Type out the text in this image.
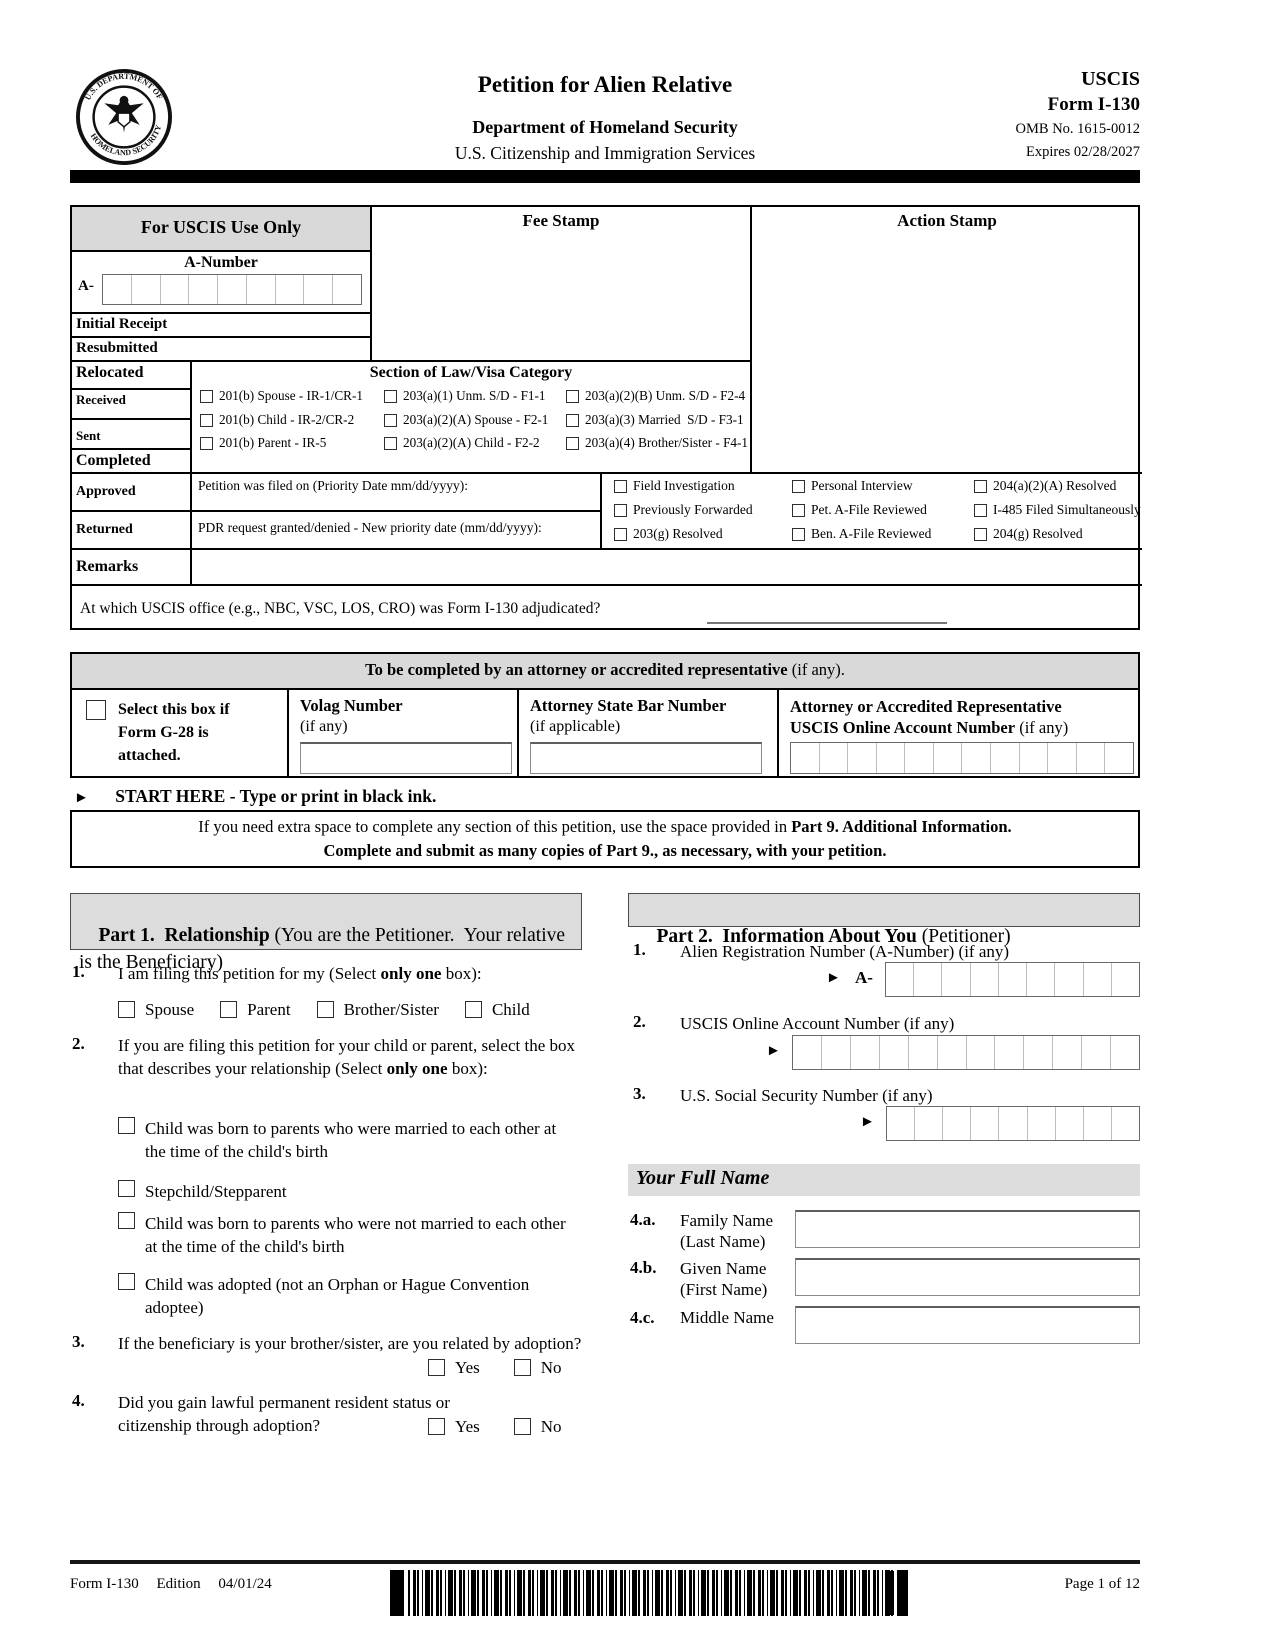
U.S. DEPARTMENT OF
HOMELAND SECURITY
Petition for Alien Relative
Department of Homeland Security
U.S. Citizenship and Immigration Services
USCIS
Form I-130
OMB No. 1615-0012
Expires 02/28/2027
For USCIS Use Only	Fee Stamp	Action Stamp
A-Number
A-
Initial Receipt
Resubmitted
Relocated
Received
Sent
Completed
Section of Law/Visa Category
201(b) Spouse - IR-1/CR-1
201(b) Child - IR-2/CR-2
201(b) Parent - IR-5
203(a)(1) Unm. S/D - F1-1
203(a)(2)(A) Spouse - F2-1
203(a)(2)(A) Child - F2-2
203(a)(2)(B) Unm. S/D - F2-4
203(a)(3) Married  S/D - F3-1
203(a)(4) Brother/Sister - F4-1
Approved	Petition was filed on (Priority Date mm/dd/yyyy):
Returned	PDR request granted/denied - New priority date (mm/dd/yyyy):
Field Investigation
Previously Forwarded
203(g) Resolved
Personal Interview
Pet. A-File Reviewed
Ben. A-File Reviewed
204(a)(2)(A) Resolved
I-485 Filed Simultaneously
204(g) Resolved
Remarks
At which USCIS office (e.g., NBC, VSC, LOS, CRO) was Form I-130 adjudicated?
To be completed by an attorney or accredited representative (if any).
Select this box if Form G-28 is attached.
Volag Number
(if any)
Attorney State Bar Number
(if applicable)
Attorney or Accredited Representative
USCIS Online Account Number (if any)
► START HERE - Type or print in black ink.
If you need extra space to complete any section of this petition, use the space provided in Part 9. Additional Information.
Complete and submit as many copies of Part 9., as necessary, with your petition.

Part 1.  Relationship (You are the Petitioner.  Your relative is the Beneficiary)

1. I am filing this petition for my (Select only one box):
Spouse	Parent	Brother/Sister	Child
2. If you are filing this petition for your child or parent, select the box that describes your relationship (Select only one box):
Child was born to parents who were married to each other at the time of the child's birth
Stepchild/Stepparent
Child was born to parents who were not married to each other at the time of the child's birth
Child was adopted (not an Orphan or Hague Convention adoptee)
3. If the beneficiary is your brother/sister, are you related by adoption?
Yes	No
4. Did you gain lawful permanent resident status or citizenship through adoption?	Yes	No

Part 2.  Information About You (Petitioner)

1. Alien Registration Number (A-Number) (if any)
► A-
2. USCIS Online Account Number (if any)
►
3. U.S. Social Security Number (if any)
►
Your Full Name
4.a. Family Name
(Last Name)
4.b. Given Name
(First Name)
4.c. Middle Name
Form I-130 Edition 04/01/24	Page 1 of 12
